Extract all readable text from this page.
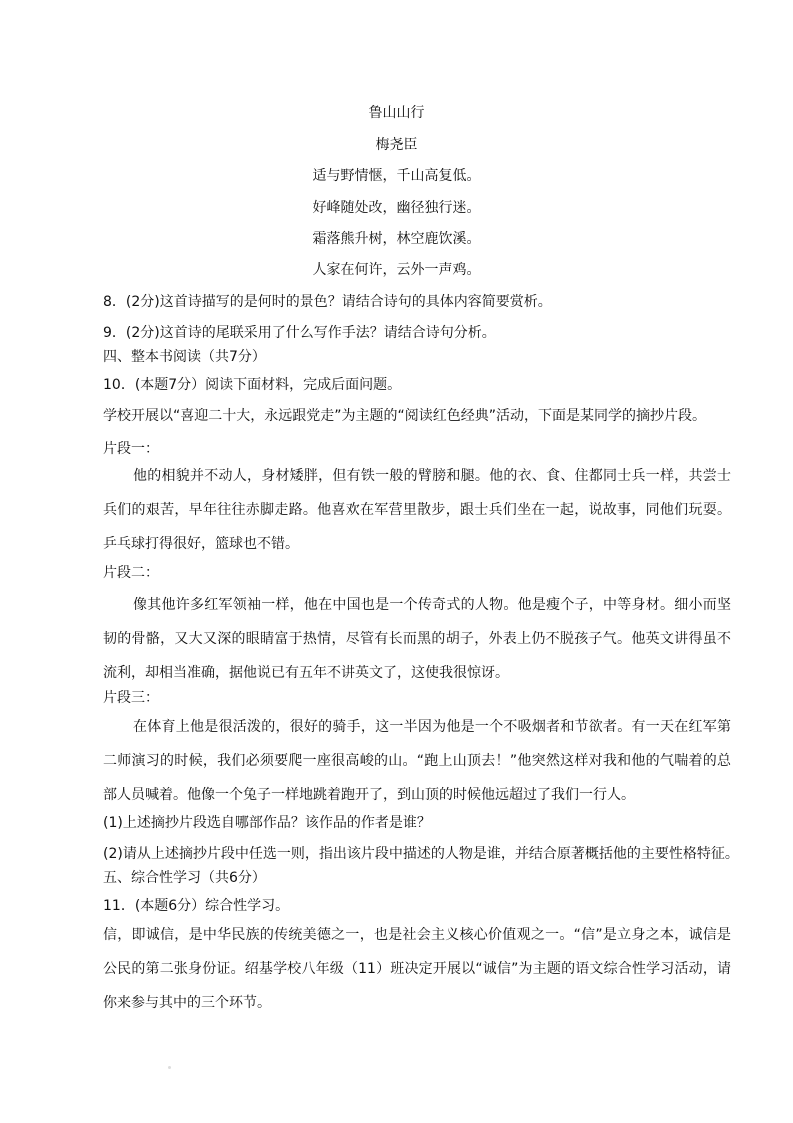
鲁山山行
梅尧臣
适与野情惬，千山高复低。
好峰随处改，幽径独行迷。
霜落熊升树，林空鹿饮溪。
人家在何许，云外一声鸡。
8．(2分)这首诗描写的是何时的景色？请结合诗句的具体内容简要赏析。
9．(2分)这首诗的尾联采用了什么写作手法？请结合诗句分析。
四、整本书阅读（共7分）
10．(本题7分）阅读下面材料，完成后面问题。
学校开展以“喜迎二十大，永远跟党走”为主题的“阅读红色经典”活动，下面是某同学的摘抄片段。
片段一：
他的相貌并不动人，身材矮胖，但有铁一般的臂膀和腿。他的衣、食、住都同士兵一样，共尝士兵们的艰苦，早年往往赤脚走路。他喜欢在军营里散步，跟士兵们坐在一起，说故事，同他们玩耍。乒乓球打得很好，篮球也不错。
片段二：
像其他许多红军领袖一样，他在中国也是一个传奇式的人物。他是瘦个子，中等身材。细小而坚韧的骨骼，又大又深的眼睛富于热情，尽管有长而黑的胡子，外表上仍不脱孩子气。他英文讲得虽不流利，却相当准确，据他说已有五年不讲英文了，这使我很惊讶。
片段三：
在体育上他是很活泼的，很好的骑手，这一半因为他是一个不吸烟者和节欲者。有一天在红军第二师演习的时候，我们必须要爬一座很高峻的山。“跑上山顶去！”他突然这样对我和他的气喘着的总部人员喊着。他像一个兔子一样地跳着跑开了，到山顶的时候他远超过了我们一行人。
(1)上述摘抄片段选自哪部作品？该作品的作者是谁？
(2)请从上述摘抄片段中任选一则，指出该片段中描述的人物是谁，并结合原著概括他的主要性格特征。
五、综合性学习（共6分）
11．(本题6分）综合性学习。
信，即诚信，是中华民族的传统美德之一，也是社会主义核心价值观之一。“信”是立身之本，诚信是公民的第二张身份证。绍基学校八年级（11）班决定开展以“诚信”为主题的语文综合性学习活动，请你来参与其中的三个环节。
